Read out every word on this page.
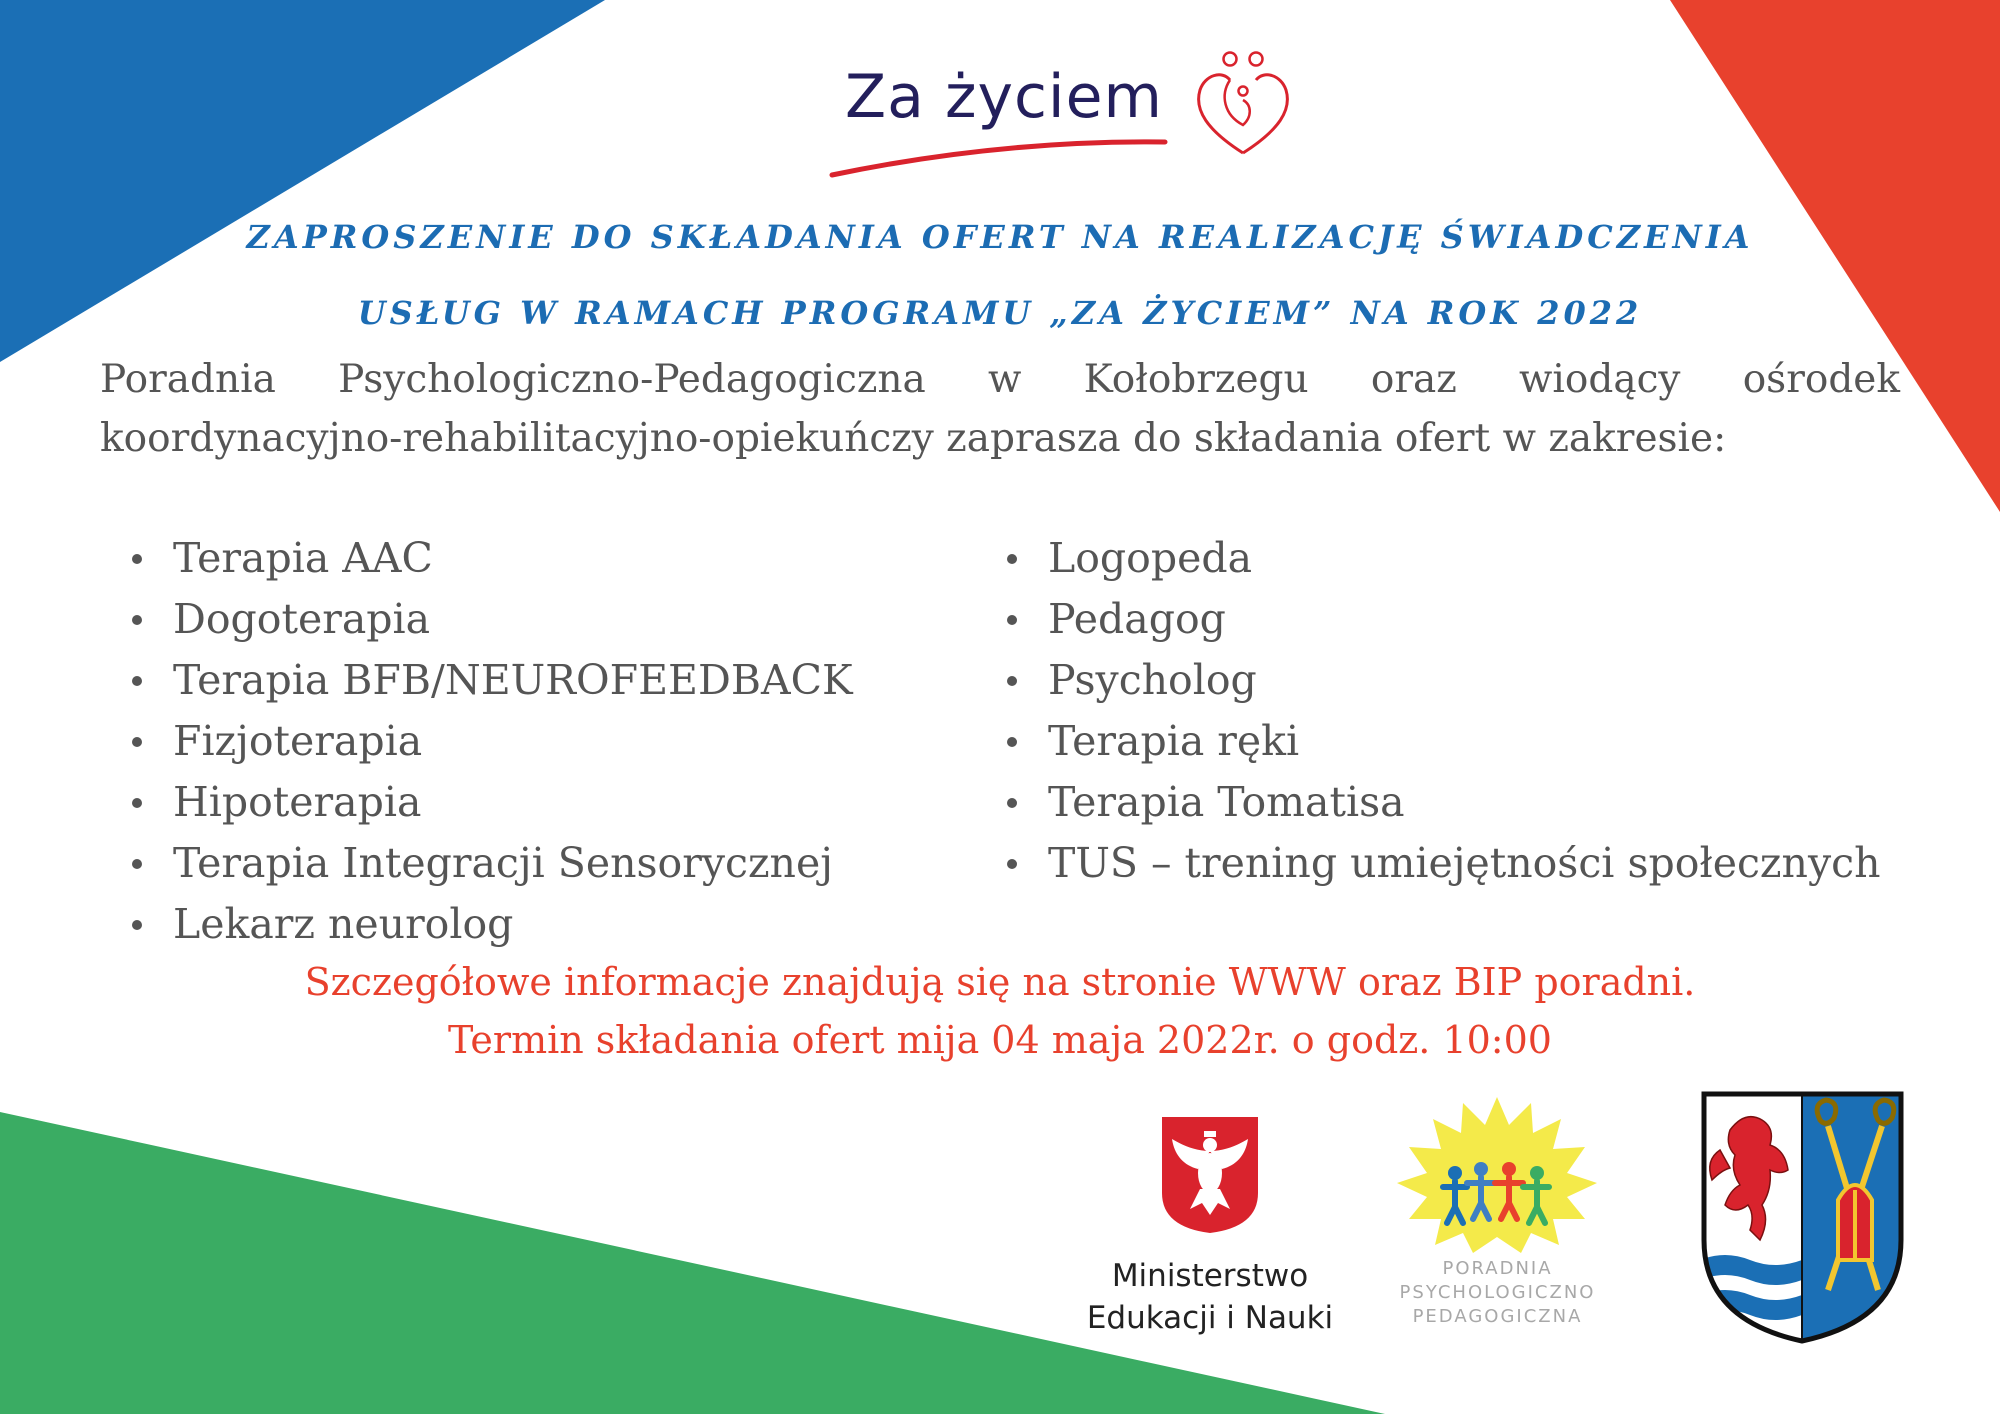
Za życiem
ZAPROSZENIE DO SKŁADANIA OFERT NA REALIZACJĘ ŚWIADCZENIA
USŁUG W RAMACH PROGRAMU „ZA ŻYCIEM” NA ROK 2022
Poradnia Psychologiczno-Pedagogiczna w Kołobrzegu oraz wiodący ośrodek koordynacyjno-rehabilitacyjno-opiekuńczy zaprasza do składania ofert w zakresie:
Terapia AAC
Dogoterapia
Terapia BFB/NEUROFEEDBACK
Fizjoterapia
Hipoterapia
Terapia Integracji Sensorycznej
Lekarz neurolog
Logopeda
Pedagog
Psycholog
Terapia ręki
Terapia Tomatisa
TUS – trening umiejętności społecznych
Szczegółowe informacje znajdują się na stronie WWW oraz BIP poradni.
Termin składania ofert mija 04 maja 2022r. o godz. 10:00
Ministerstwo
Edukacji i Nauki
PORADNIA
PSYCHOLOGICZNO
PEDAGOGICZNA
